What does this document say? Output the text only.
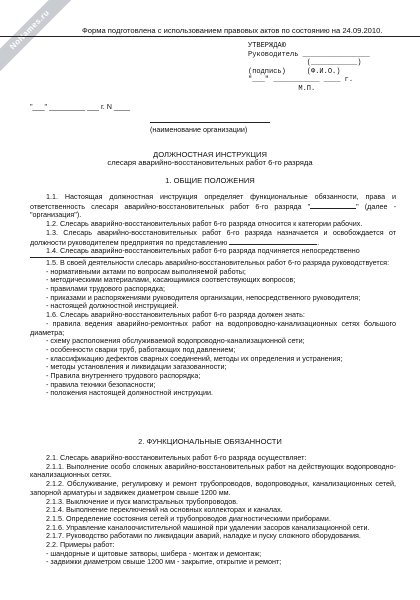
NoNames.ru	Форма подготовлена с использованием правовых актов по состоянию на 24.09.2010.
УТВЕРЖДАЮ
Руководитель ________________
(___________)
(подпись)     (Ф.И.О.)
"___" ___________ ____ г.
М.П.
"___" _________ ___ г. N ____
(наименование организации)
ДОЛЖНОСТНАЯ ИНСТРУКЦИЯ
слесаря аварийно-восстановительных работ 6-го разряда
1. ОБЩИЕ ПОЛОЖЕНИЯ
1.1. Настоящая должностная инструкция определяет функциональные обязанности, права и ответственность слесаря аварийно-восстановительных работ 6-го разряда "	" (далее - "организация").
1.2. Слесарь аварийно-восстановительных работ 6-го разряда относится к категории рабочих.
1.3. Слесарь аварийно-восстановительных работ 6-го разряда назначается и освобождается от должности руководителем предприятия по представлению	.
1.4. Слесарь аварийно-восстановительных работ 6-го разряда подчиняется непосредственно
1.5. В своей деятельности слесарь аварийно-восстановительных работ 6-го разряда руководствуется:
- нормативными актами по вопросам выполняемой работы;
- методическими материалами, касающимися соответствующих вопросов;
- правилами трудового распорядка;
- приказами и распоряжениями руководителя организации, непосредственного руководителя;
- настоящей должностной инструкцией.
1.6. Слесарь аварийно-восстановительных работ 6-го разряда должен знать:
- правила ведения аварийно-ремонтных работ на водопроводно-канализационных сетях большого диаметра;
- схему расположения обслуживаемой водопроводно-канализационной сети;
- особенности сварки труб, работающих под давлением;
- классификацию дефектов сварных соединений, методы их определения и устранения;
- методы установления и ликвидации загазованности;
- Правила внутреннего трудового распорядка;
- правила техники безопасности;
- положения настоящей должностной инструкции.
2. ФУНКЦИОНАЛЬНЫЕ ОБЯЗАННОСТИ
2.1. Слесарь аварийно-восстановительных работ 6-го разряда осуществляет:
2.1.1. Выполнение особо сложных аварийно-восстановительных работ на действующих водопроводно-канализационных сетях.
2.1.2. Обслуживание, регулировку и ремонт трубопроводов, водопроводных, канализационных сетей, запорной арматуры и задвижек диаметром свыше 1200 мм.
2.1.3. Выключение и пуск магистральных трубопроводов.
2.1.4. Выполнение переключений на основных коллекторах и каналах.
2.1.5. Определение состояния сетей и трубопроводов диагностическими приборами.
2.1.6. Управление каналоочистительной машиной при удалении засоров канализационной сети.
2.1.7. Руководство работами по ликвидации аварий, наладке и пуску сложного оборудования.
2.2. Примеры работ:
- шандорные и щитовые затворы, шибера - монтаж и демонтаж;
- задвижки диаметром свыше 1200 мм - закрытие, открытие и ремонт;
